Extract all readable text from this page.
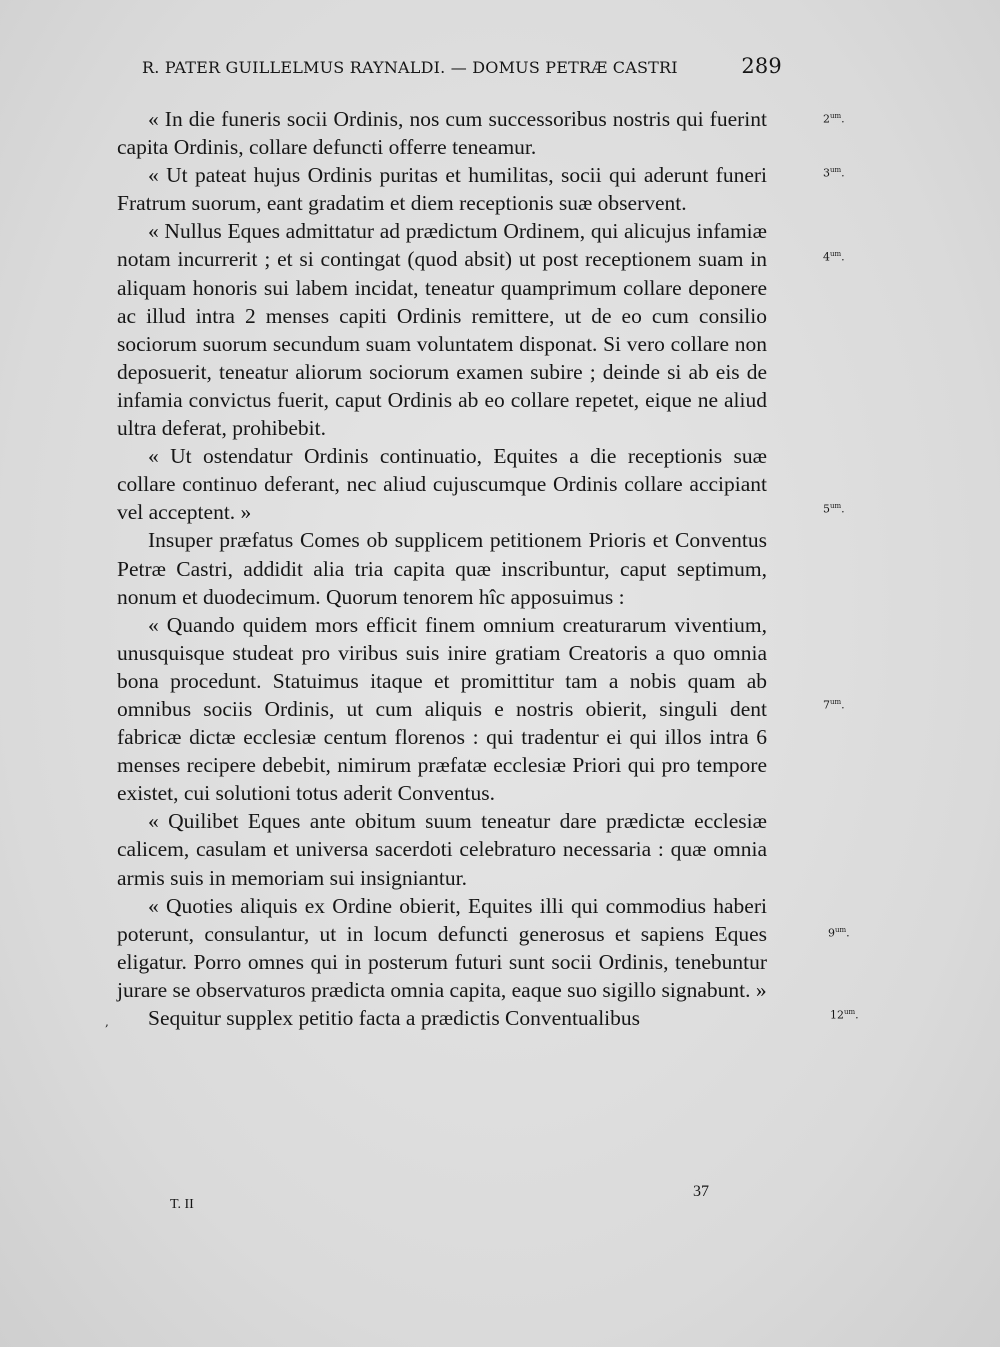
R. PATER GUILLELMUS RAYNALDI. — DOMUS PETRÆ CASTRI	289

« In die funeris socii Ordinis, nos cum successoribus nostris qui fuerint capita Ordinis, collare defuncti offerre teneamur.

« Ut pateat hujus Ordinis puritas et humilitas, socii qui aderunt funeri Fratrum suorum, eant gradatim et diem receptionis suæ observent.

« Nullus Eques admittatur ad prædictum Ordinem, qui alicujus infamiæ notam incurrerit ; et si contingat (quod absit) ut post receptionem suam in aliquam honoris sui labem incidat, teneatur quamprimum collare deponere ac illud intra 2 menses capiti Ordinis remittere, ut de eo cum consilio sociorum suorum secundum suam voluntatem disponat. Si vero collare non deposuerit, teneatur aliorum sociorum examen subire ; deinde si ab eis de infamia convictus fuerit, caput Ordinis ab eo collare repetet, eique ne aliud ultra deferat, prohibebit.

« Ut ostendatur Ordinis continuatio, Equites a die receptionis suæ collare continuo deferant, nec aliud cujuscumque Ordinis collare accipiant vel acceptent. »

Insuper præfatus Comes ob supplicem petitionem Prioris et Conventus Petræ Castri, addidit alia tria capita quæ inscribuntur, caput septimum, nonum et duodecimum. Quorum tenorem hîc apposuimus :

« Quando quidem mors efficit finem omnium creaturarum viventium, unusquisque studeat pro viribus suis inire gratiam Creatoris a quo omnia bona procedunt. Statuimus itaque et promittitur tam a nobis quam ab omnibus sociis Ordinis, ut cum aliquis e nostris obierit, singuli dent fabricæ dictæ ecclesiæ centum florenos : qui tradentur ei qui illos intra 6 menses recipere debebit, nimirum præfatæ ecclesiæ Priori qui pro tempore existet, cui solutioni totus aderit Conventus.

« Quilibet Eques ante obitum suum teneatur dare prædictæ ecclesiæ calicem, casulam et universa sacerdoti celebraturo necessaria : quæ omnia armis suis in memoriam sui insigniantur.

« Quoties aliquis ex Ordine obierit, Equites illi qui commodius haberi poterunt, consulantur, ut in locum defuncti generosus et sapiens Eques eligatur. Porro omnes qui in posterum futuri sunt socii Ordinis, tenebuntur jurare se observaturos prædicta omnia capita, eaque suo sigillo signabunt. »

Sequitur supplex petitio facta a prædictis Conventualibus

$2^{um}$.
$3^{um}$.
$4^{um}$.
$5^{um}$.
$7^{um}$.
$9^{um}$.
$12^{um}$.
,
T. II
37
